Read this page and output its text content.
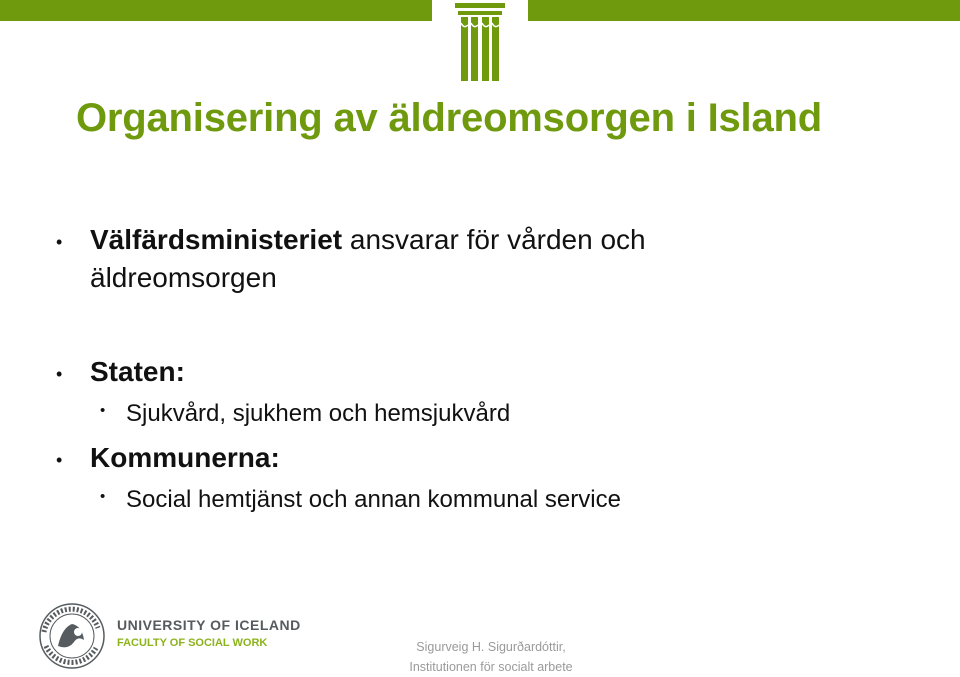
Organisering av äldreomsorgen i Island
• Välfärdsministeriet ansvarar för vården och
äldreomsorgen
• Staten:
• Sjukvård, sjukhem och hemsjukvård
• Kommunerna:
• Social hemtjänst och annan kommunal service
UNIVERSITY OF ICELAND
FACULTY OF SOCIAL WORK	Sigurveig H. Sigurðardóttir,
Institutionen för socialt arbete
